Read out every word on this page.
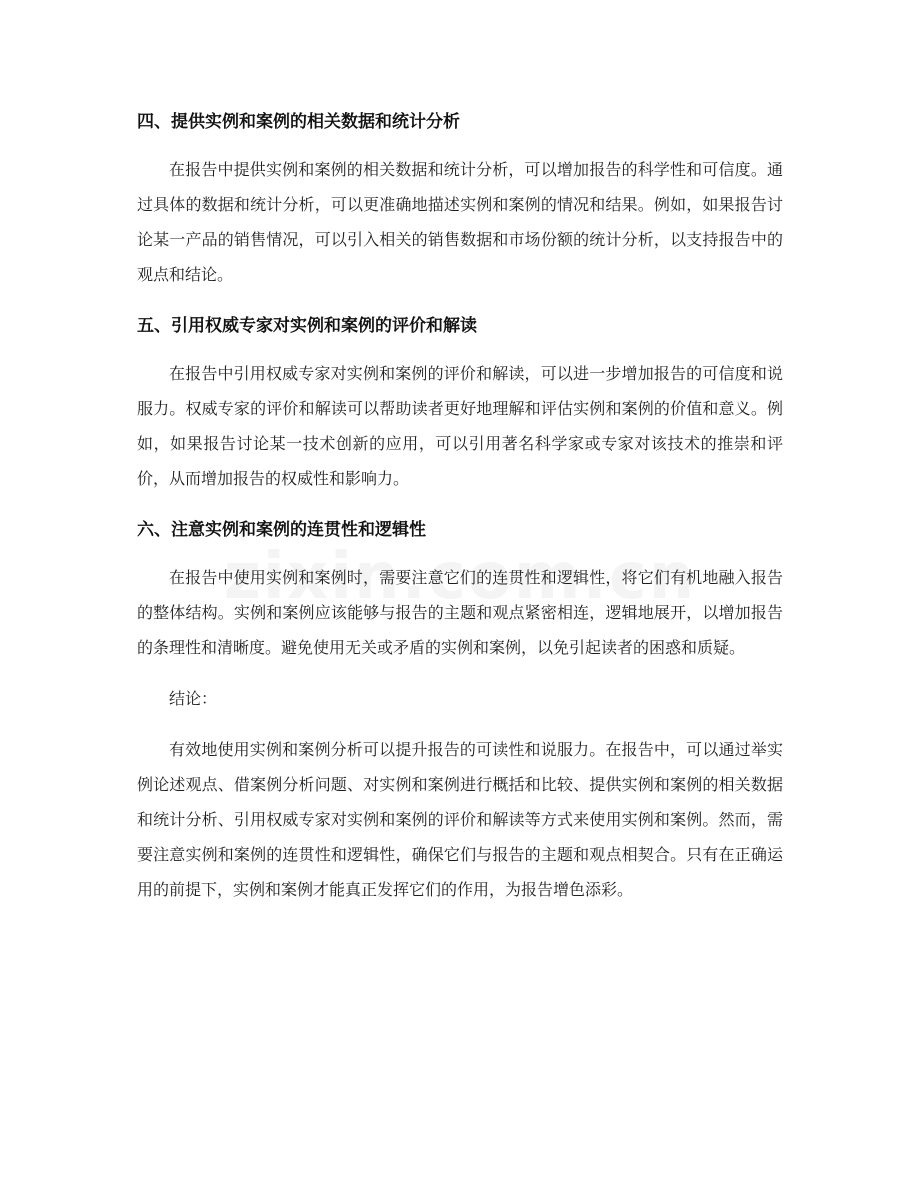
四、提供实例和案例的相关数据和统计分析

在报告中提供实例和案例的相关数据和统计分析，可以增加报告的科学性和可信度。通过具体的数据和统计分析，可以更准确地描述实例和案例的情况和结果。例如，如果报告讨论某一产品的销售情况，可以引入相关的销售数据和市场份额的统计分析，以支持报告中的观点和结论。

五、引用权威专家对实例和案例的评价和解读

在报告中引用权威专家对实例和案例的评价和解读，可以进一步增加报告的可信度和说服力。权威专家的评价和解读可以帮助读者更好地理解和评估实例和案例的价值和意义。例如，如果报告讨论某一技术创新的应用，可以引用著名科学家或专家对该技术的推崇和评价，从而增加报告的权威性和影响力。

六、注意实例和案例的连贯性和逻辑性

在报告中使用实例和案例时，需要注意它们的连贯性和逻辑性，将它们有机地融入报告的整体结构。实例和案例应该能够与报告的主题和观点紧密相连，逻辑地展开，以增加报告的条理性和清晰度。避免使用无关或矛盾的实例和案例，以免引起读者的困惑和质疑。

结论：

有效地使用实例和案例分析可以提升报告的可读性和说服力。在报告中，可以通过举实例论述观点、借案例分析问题、对实例和案例进行概括和比较、提供实例和案例的相关数据和统计分析、引用权威专家对实例和案例的评价和解读等方式来使用实例和案例。然而，需要注意实例和案例的连贯性和逻辑性，确保它们与报告的主题和观点相契合。只有在正确运用的前提下，实例和案例才能真正发挥它们的作用，为报告增色添彩。
